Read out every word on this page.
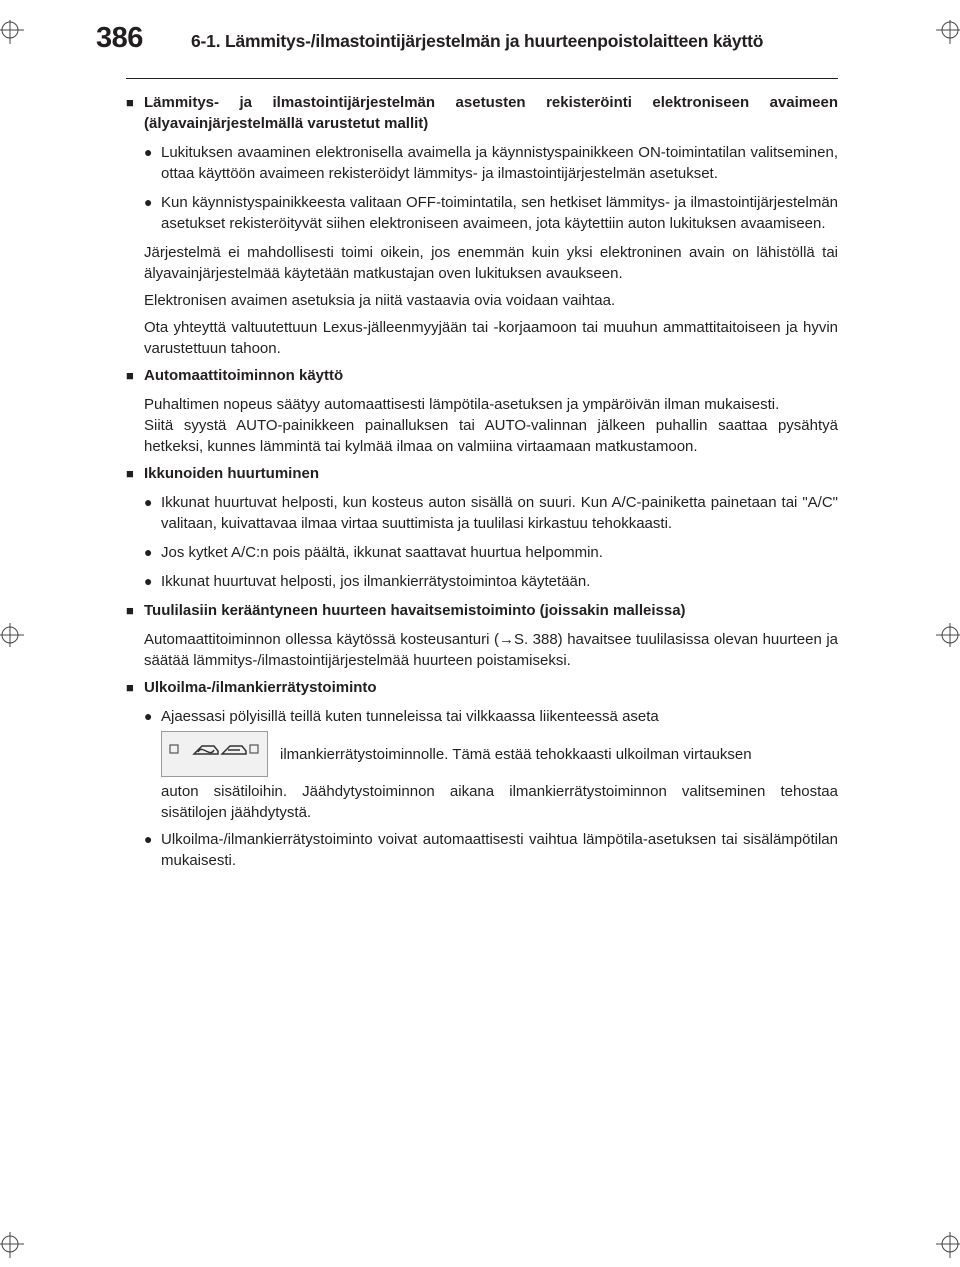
386	6-1. Lämmitys-/ilmastointijärjestelmän ja huurteenpoistolaitteen käyttö
■ Lämmitys- ja ilmastointijärjestelmän asetusten rekisteröinti elektroniseen avaimeen (älyavainjärjestelmällä varustetut mallit)
● Lukituksen avaaminen elektronisella avaimella ja käynnistyspainikkeen ON-toimintatilan valitseminen, ottaa käyttöön avaimeen rekisteröidyt lämmitys- ja ilmastointijärjestelmän asetukset.
● Kun käynnistyspainikkeesta valitaan OFF-toimintatila, sen hetkiset lämmitys- ja ilmastointijärjestelmän asetukset rekisteröityvät siihen elektroniseen avaimeen, jota käytettiin auton lukituksen avaamiseen.

Järjestelmä ei mahdollisesti toimi oikein, jos enemmän kuin yksi elektroninen avain on lähistöllä tai älyavainjärjestelmää käytetään matkustajan oven lukituksen avaukseen.

Elektronisen avaimen asetuksia ja niitä vastaavia ovia voidaan vaihtaa.

Ota yhteyttä valtuutettuun Lexus-jälleenmyyjään tai -korjaamoon tai muuhun ammattitaitoiseen ja hyvin varustettuun tahoon.

■ Automaattitoiminnon käyttö
Puhaltimen nopeus säätyy automaattisesti lämpötila-asetuksen ja ympäröivän ilman mukaisesti.
Siitä syystä AUTO-painikkeen painalluksen tai AUTO-valinnan jälkeen puhallin saattaa pysähtyä hetkeksi, kunnes lämmintä tai kylmää ilmaa on valmiina virtaamaan matkustamoon.
■ Ikkunoiden huurtuminen
● Ikkunat huurtuvat helposti, kun kosteus auton sisällä on suuri. Kun A/C-painiketta painetaan tai "A/C" valitaan, kuivattavaa ilmaa virtaa suuttimista ja tuulilasi kirkastuu tehokkaasti.
● Jos kytket A/C:n pois päältä, ikkunat saattavat huurtua helpommin.
● Ikkunat huurtuvat helposti, jos ilmankierrätystoimintoa käytetään.
■ Tuulilasiin kerääntyneen huurteen havaitsemistoiminto (joissakin malleissa)

Automaattitoiminnon ollessa käytössä kosteusanturi (→S. 388) havaitsee tuulilasissa olevan huurteen ja säätää lämmitys-/ilmastointijärjestelmää huurteen poistamiseksi.

■ Ulkoilma-/ilmankierrätystoiminto
● Ajaessasi pölyisillä teillä kuten tunneleissa tai vilkkaassa liikenteessä aseta
ilmankierrätystoiminnolle. Tämä estää tehokkaasti ulkoilman virtauksen

auton sisätiloihin. Jäähdytystoiminnon aikana ilmankierrätystoiminnon valitseminen tehostaa sisätilojen jäähdytystä.

● Ulkoilma-/ilmankierrätystoiminto voivat automaattisesti vaihtua lämpötila-asetuksen tai sisälämpötilan mukaisesti.
